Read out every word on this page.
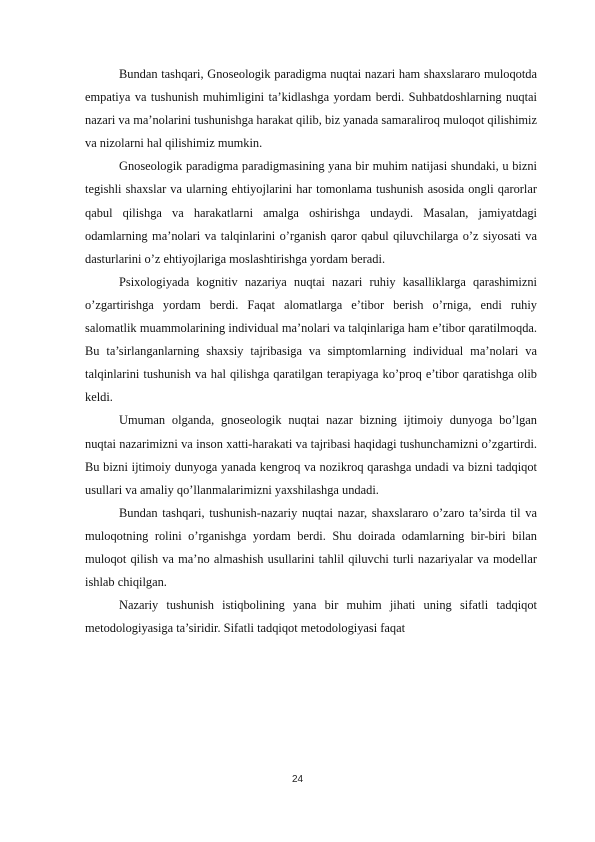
Bundan tashqari, Gnoseologik paradigma nuqtai nazari ham shaxslararo muloqotda empatiya va tushunish muhimligini ta’kidlashga yordam berdi. Suhbatdoshlarning nuqtai nazari va ma’nolarini tushunishga harakat qilib, biz yanada samaraliroq muloqot qilishimiz va nizolarni hal qilishimiz mumkin.

Gnoseologik paradigma paradigmasining yana bir muhim natijasi shundaki, u bizni tegishli shaxslar va ularning ehtiyojlarini har tomonlama tushunish asosida ongli qarorlar qabul qilishga va harakatlarni amalga oshirishga undaydi. Masalan, jamiyatdagi odamlarning ma’nolari va talqinlarini o’rganish qaror qabul qiluvchilarga o’z siyosati va dasturlarini o’z ehtiyojlariga moslashtirishga yordam beradi.

Psixologiyada kognitiv nazariya nuqtai nazari ruhiy kasalliklarga qarashimizni o’zgartirishga yordam berdi. Faqat alomatlarga e’tibor berish o’rniga, endi ruhiy salomatlik muammolarining individual ma’nolari va talqinlariga ham e’tibor qaratilmoqda. Bu ta’sirlanganlarning shaxsiy tajribasiga va simptomlarning individual ma’nolari va talqinlarini tushunish va hal qilishga qaratilgan terapiyaga ko’proq e’tibor qaratishga olib keldi.

Umuman olganda, gnoseologik nuqtai nazar bizning ijtimoiy dunyoga bo’lgan nuqtai nazarimizni va inson xatti-harakati va tajribasi haqidagi tushunchamizni o’zgartirdi. Bu bizni ijtimoiy dunyoga yanada kengroq va nozikroq qarashga undadi va bizni tadqiqot usullari va amaliy qo’llanmalarimizni yaxshilashga undadi.

Bundan tashqari, tushunish-nazariy nuqtai nazar, shaxslararo o’zaro ta’sirda til va muloqotning rolini o’rganishga yordam berdi. Shu doirada odamlarning bir-biri bilan muloqot qilish va ma’no almashish usullarini tahlil qiluvchi turli nazariyalar va modellar ishlab chiqilgan.

Nazariy tushunish istiqbolining yana bir muhim jihati uning sifatli tadqiqot metodologiyasiga ta’siridir. Sifatli tadqiqot metodologiyasi faqat

24
